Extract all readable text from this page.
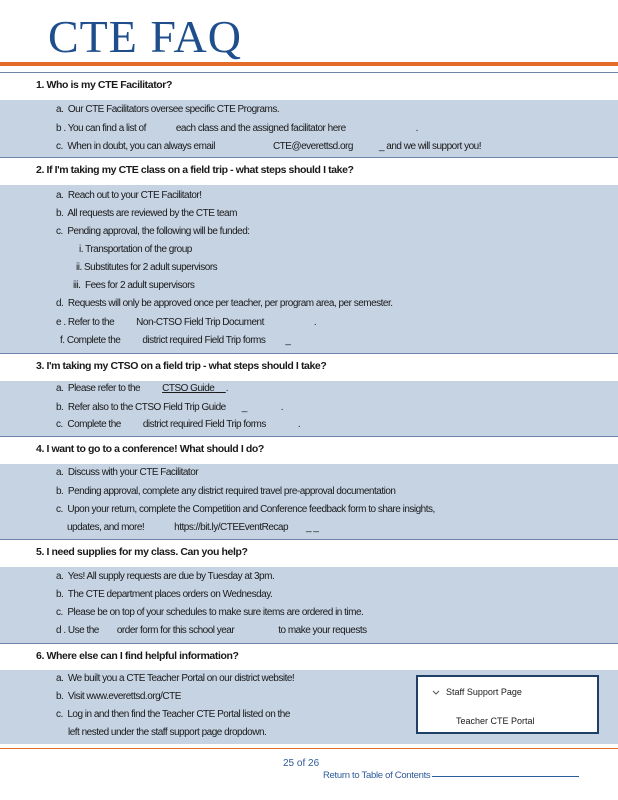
CTE FAQ
1. Who is my CTE Facilitator?
a. Our CTE Facilitators oversee specific CTE Programs.
b . You can find a list of	each class and the assigned facilitator here	.
c. When in doubt, you can always email	CTE@everettsd.org	_ and we will support you!
2. If I'm taking my CTE class on a field trip - what steps should I take?
a. Reach out to your CTE Facilitator!
b. All requests are reviewed by the CTE team
c. Pending approval, the following will be funded:
i. Transportation of the group
ii. Substitutes for 2 adult supervisors
iii. Fees for 2 adult supervisors
d. Requests will only be approved once per teacher, per program area, per semester.
e . Refer to the Non-CTSO Field Trip Document	.
f. Complete the district required Field Trip forms _
3. I'm taking my CTSO on a field trip - what steps should I take?
a. Please refer to the CTSO Guide .
b. Refer also to the CTSO Field Trip Guide _	.
c. Complete the district required Field Trip forms	.
4. I want to go to a conference! What should I do?
a. Discuss with your CTE Facilitator
b. Pending approval, complete any district required travel pre-approval documentation
c. Upon your return, complete the Competition and Conference feedback form to share insights,
updates, and more!	https://bit.ly/CTEEventRecap _ _
5. I need supplies for my class. Can you help?
a. Yes! All supply requests are due by Tuesday at 3pm.
b. The CTE department places orders on Wednesday.
c. Please be on top of your schedules to make sure items are ordered in time.
d . Use the order form for this school year	to make your requests
6. Where else can I find helpful information?
a. We built you a CTE Teacher Portal on our district website!
b. Visit www.everettsd.org/CTE
c. Log in and then find the Teacher CTE Portal listed on the
left nested under the staff support page dropdown.
Staff Support Page
Teacher CTE Portal
25 of 26
Return to Table of Contents
